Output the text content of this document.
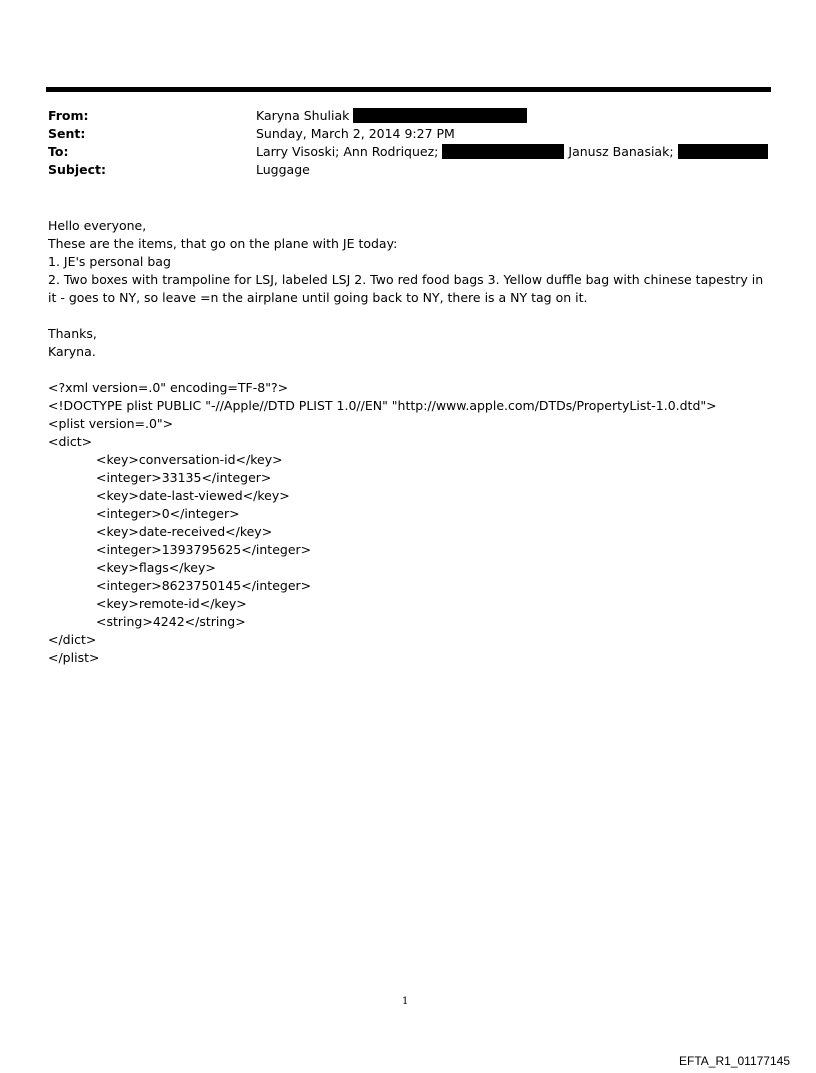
From:	Karyna Shuliak
Sent:	Sunday, March 2, 2014 9:27 PM
To:	Larry Visoski; Ann Rodriquez;	Janusz Banasiak;
Subject:	Luggage
Hello everyone,
These are the items, that go on the plane with JE today:
1. JE's personal bag
2. Two boxes with trampoline for LSJ, labeled LSJ 2. Two red food bags 3. Yellow duffle bag with chinese tapestry in it - goes to NY, so leave =n the airplane until going back to NY, there is a NY tag on it.
Thanks,
Karyna.
<?xml version=.0" encoding=TF-8"?>
<!DOCTYPE plist PUBLIC "-//Apple//DTD PLIST 1.0//EN" "http://www.apple.com/DTDs/PropertyList-1.0.dtd">
<plist version=.0">
<dict>
<key>conversation-id</key>
<integer>33135</integer>
<key>date-last-viewed</key>
<integer>0</integer>
<key>date-received</key>
<integer>1393795625</integer>
<key>flags</key>
<integer>8623750145</integer>
<key>remote-id</key>
<string>4242</string>
</dict>
</plist>
1
EFTA_R1_01177145
